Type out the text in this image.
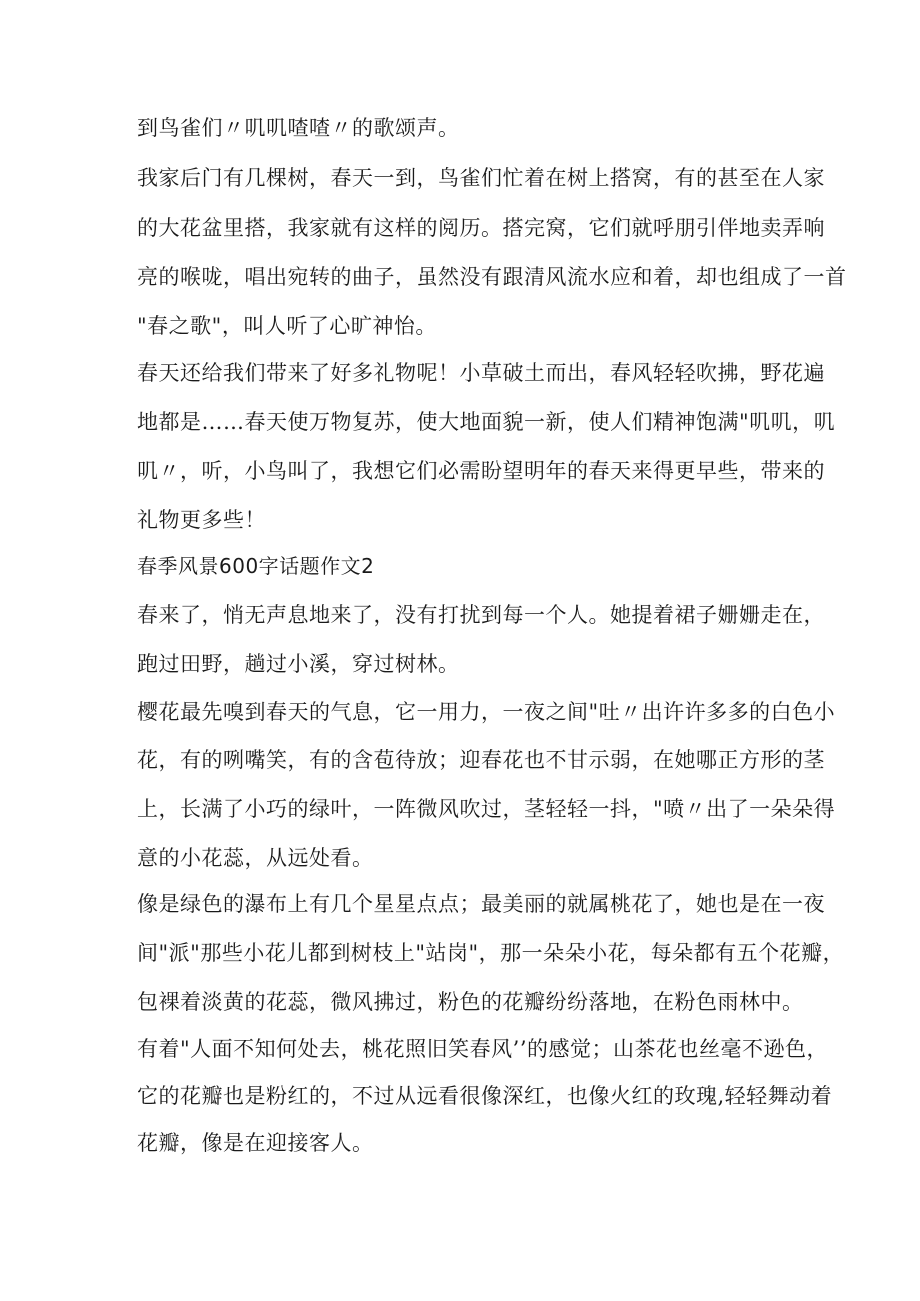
到鸟雀们〃叽叽喳喳〃的歌颂声。

我家后门有几棵树，春天一到，鸟雀们忙着在树上搭窝，有的甚至在人家

的大花盆里搭，我家就有这样的阅历。搭完窝，它们就呼朋引伴地卖弄响

亮的喉咙，唱出宛转的曲子，虽然没有跟清风流水应和着，却也组成了一首

"春之歌"，叫人听了心旷神怡。

春天还给我们带来了好多礼物呢！小草破土而出，春风轻轻吹拂，野花遍

地都是……春天使万物复苏，使大地面貌一新，使人们精神饱满"叽叽，叽

叽〃，听，小鸟叫了，我想它们必需盼望明年的春天来得更早些，带来的

礼物更多些！

春季风景600字话题作文2

春来了，悄无声息地来了，没有打扰到每一个人。她提着裙子姗姗走在，

跑过田野，趟过小溪，穿过树林。

樱花最先嗅到春天的气息，它一用力，一夜之间"吐〃出许许多多的白色小

花，有的咧嘴笑，有的含苞待放；迎春花也不甘示弱，在她哪正方形的茎

上，长满了小巧的绿叶，一阵微风吹过，茎轻轻一抖，"喷〃出了一朵朵得

意的小花蕊，从远处看。

像是绿色的瀑布上有几个星星点点；最美丽的就属桃花了，她也是在一夜

间"派"那些小花儿都到树枝上"站岗"，那一朵朵小花，每朵都有五个花瓣，

包裸着淡黄的花蕊，微风拂过，粉色的花瓣纷纷落地，在粉色雨林中。

有着"人面不知何处去，桃花照旧笑春风’’的感觉；山茶花也丝毫不逊色，

它的花瓣也是粉红的，不过从远看很像深红，也像火红的玫瑰,轻轻舞动着

花瓣，像是在迎接客人。
